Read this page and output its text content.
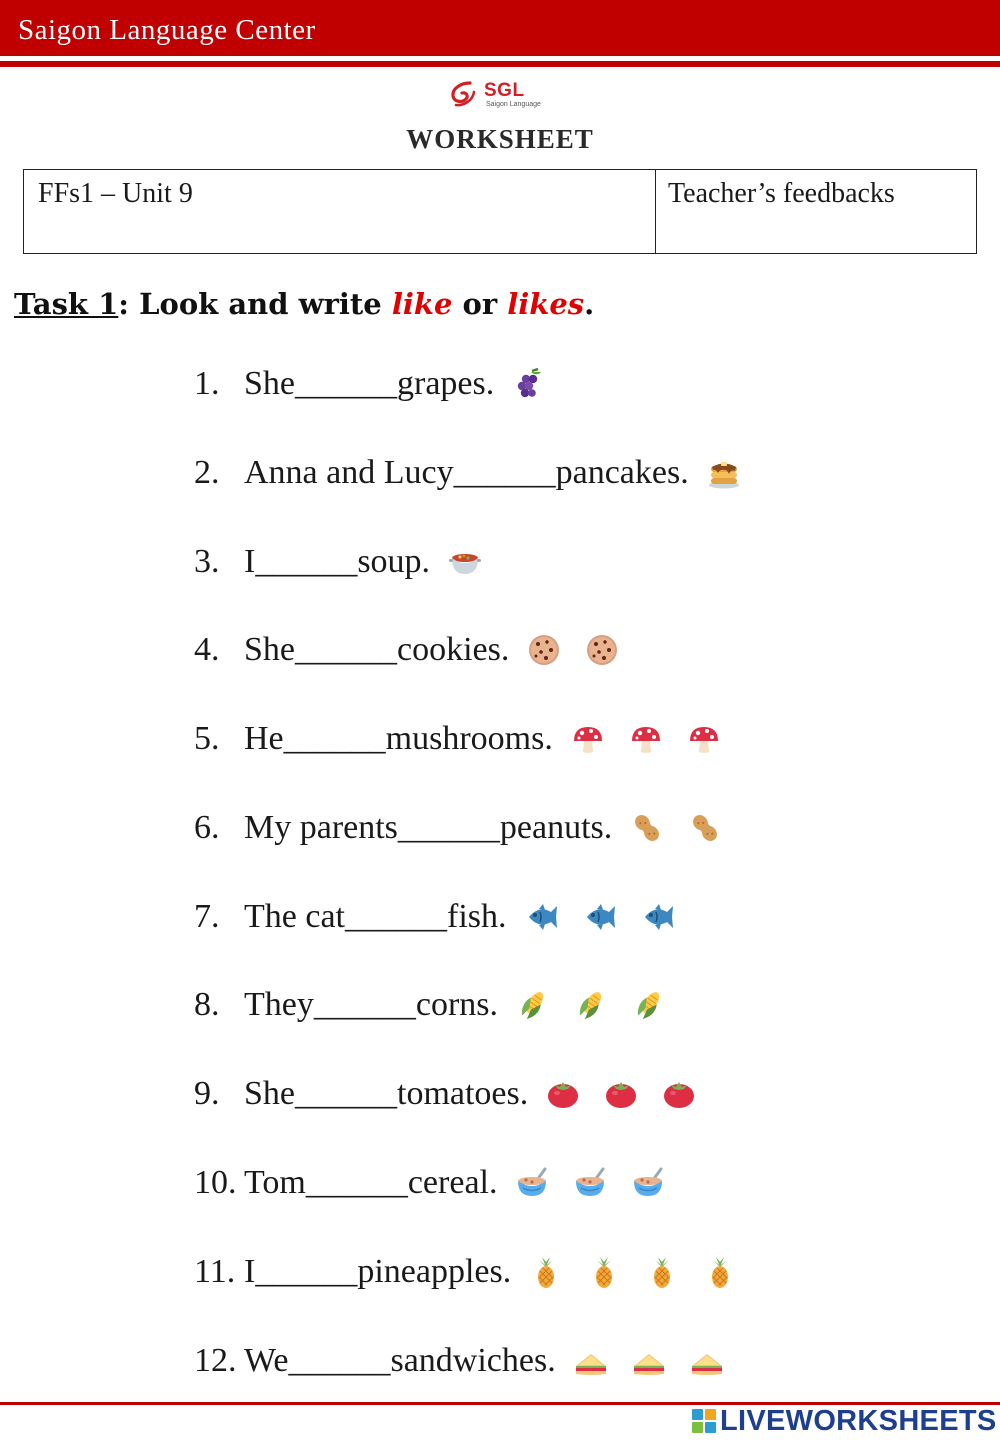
Saigon Language Center
SGL
Saigon Language
WORKSHEET
FFs1 – Unit 9	Teacher’s feedbacks
Task 1: Look and write like or likes.
1. She ______ grapes.
2. Anna and Lucy ______ pancakes.
3. I ______ soup.
4. She ______ cookies.
5. He ______ mushrooms.
6. My parents ______ peanuts.
7. The cat ______ fish.
8. They ______ corns.
9. She ______ tomatoes.
10. Tom ______ cereal.
11. I ______ pineapples.
12. We ______ sandwiches.
LIVEWORKSHEETS
